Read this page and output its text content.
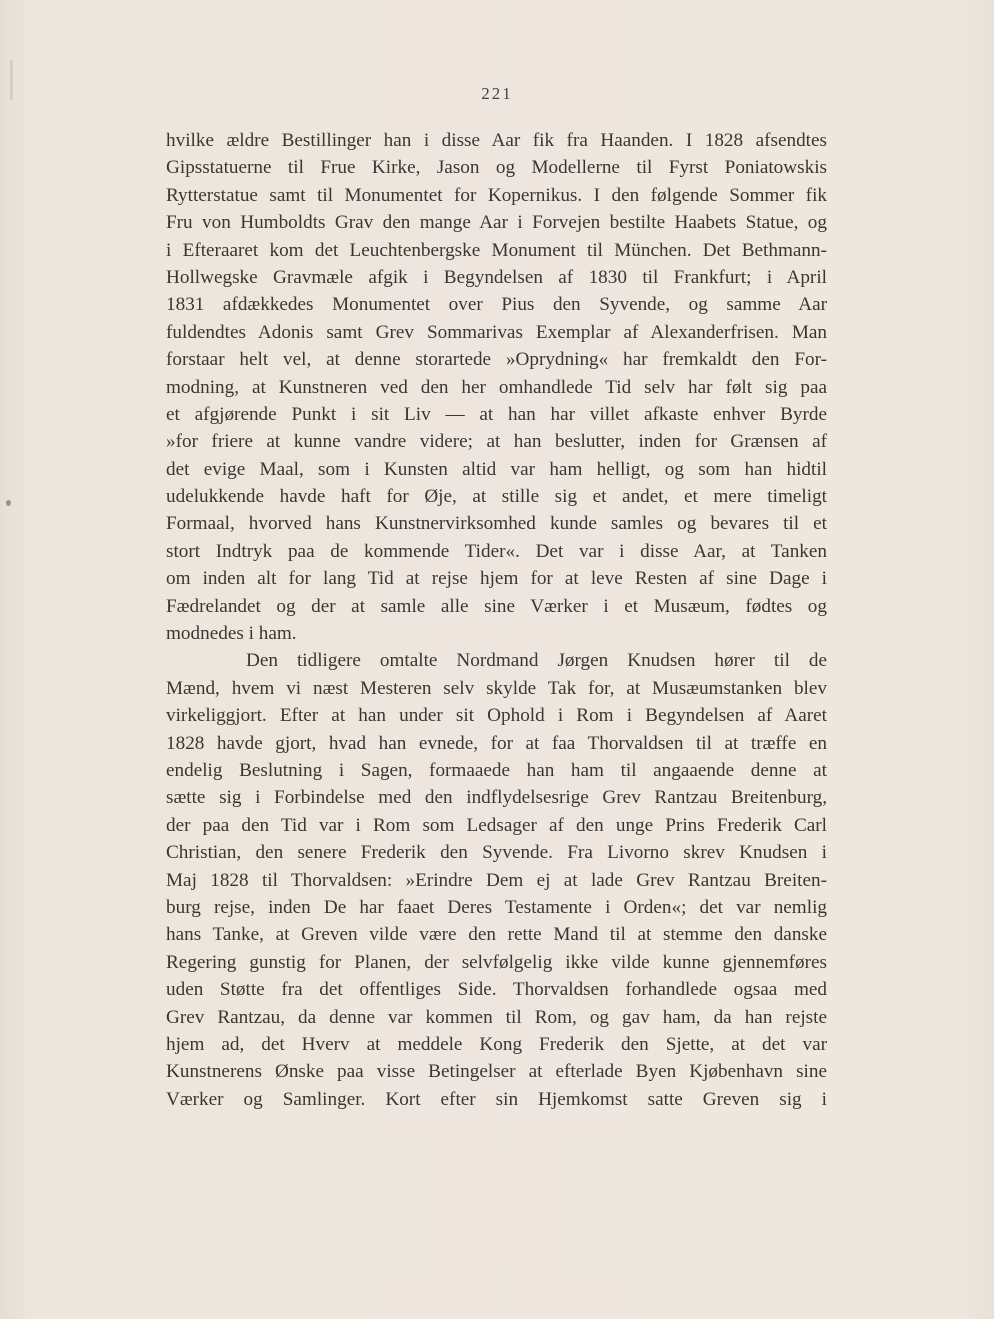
221
hvilke ældre Bestillinger han i disse Aar fik fra Haanden. I 1828 afsendtes
Gipsstatuerne til Frue Kirke, Jason og Modellerne til Fyrst Poniatowskis
Rytterstatue samt til Monumentet for Kopernikus. I den følgende Sommer fik
Fru von Humboldts Grav den mange Aar i Forvejen bestilte Haabets Statue, og
i Efteraaret kom det Leuchtenbergske Monument til München. Det Bethmann-
Hollwegske Gravmæle afgik i Begyndelsen af 1830 til Frankfurt; i April
1831 afdækkedes Monumentet over Pius den Syvende, og samme Aar
fuldendtes Adonis samt Grev Sommarivas Exemplar af Alexanderfrisen. Man
forstaar helt vel, at denne storartede »Oprydning« har fremkaldt den For-
modning, at Kunstneren ved den her omhandlede Tid selv har følt sig paa
et afgjørende Punkt i sit Liv — at han har villet afkaste enhver Byrde
»for friere at kunne vandre videre; at han beslutter, inden for Grænsen af
det evige Maal, som i Kunsten altid var ham helligt, og som han hidtil
udelukkende havde haft for Øje, at stille sig et andet, et mere timeligt
Formaal, hvorved hans Kunstnervirksomhed kunde samles og bevares til et
stort Indtryk paa de kommende Tider«. Det var i disse Aar, at Tanken
om inden alt for lang Tid at rejse hjem for at leve Resten af sine Dage i
Fædrelandet og der at samle alle sine Værker i et Musæum, fødtes og
modnedes i ham.
Den tidligere omtalte Nordmand Jørgen Knudsen hører til de
Mænd, hvem vi næst Mesteren selv skylde Tak for, at Musæumstanken blev
virkeliggjort. Efter at han under sit Ophold i Rom i Begyndelsen af Aaret
1828 havde gjort, hvad han evnede, for at faa Thorvaldsen til at træffe en
endelig Beslutning i Sagen, formaaede han ham til angaaende denne at
sætte sig i Forbindelse med den indflydelsesrige Grev Rantzau Breitenburg,
der paa den Tid var i Rom som Ledsager af den unge Prins Frederik Carl
Christian, den senere Frederik den Syvende. Fra Livorno skrev Knudsen i
Maj 1828 til Thorvaldsen: »Erindre Dem ej at lade Grev Rantzau Breiten-
burg rejse, inden De har faaet Deres Testamente i Orden«; det var nemlig
hans Tanke, at Greven vilde være den rette Mand til at stemme den danske
Regering gunstig for Planen, der selvfølgelig ikke vilde kunne gjennemføres
uden Støtte fra det offentliges Side. Thorvaldsen forhandlede ogsaa med
Grev Rantzau, da denne var kommen til Rom, og gav ham, da han rejste
hjem ad, det Hverv at meddele Kong Frederik den Sjette, at det var
Kunstnerens Ønske paa visse Betingelser at efterlade Byen Kjøbenhavn sine
Værker og Samlinger. Kort efter sin Hjemkomst satte Greven sig i
